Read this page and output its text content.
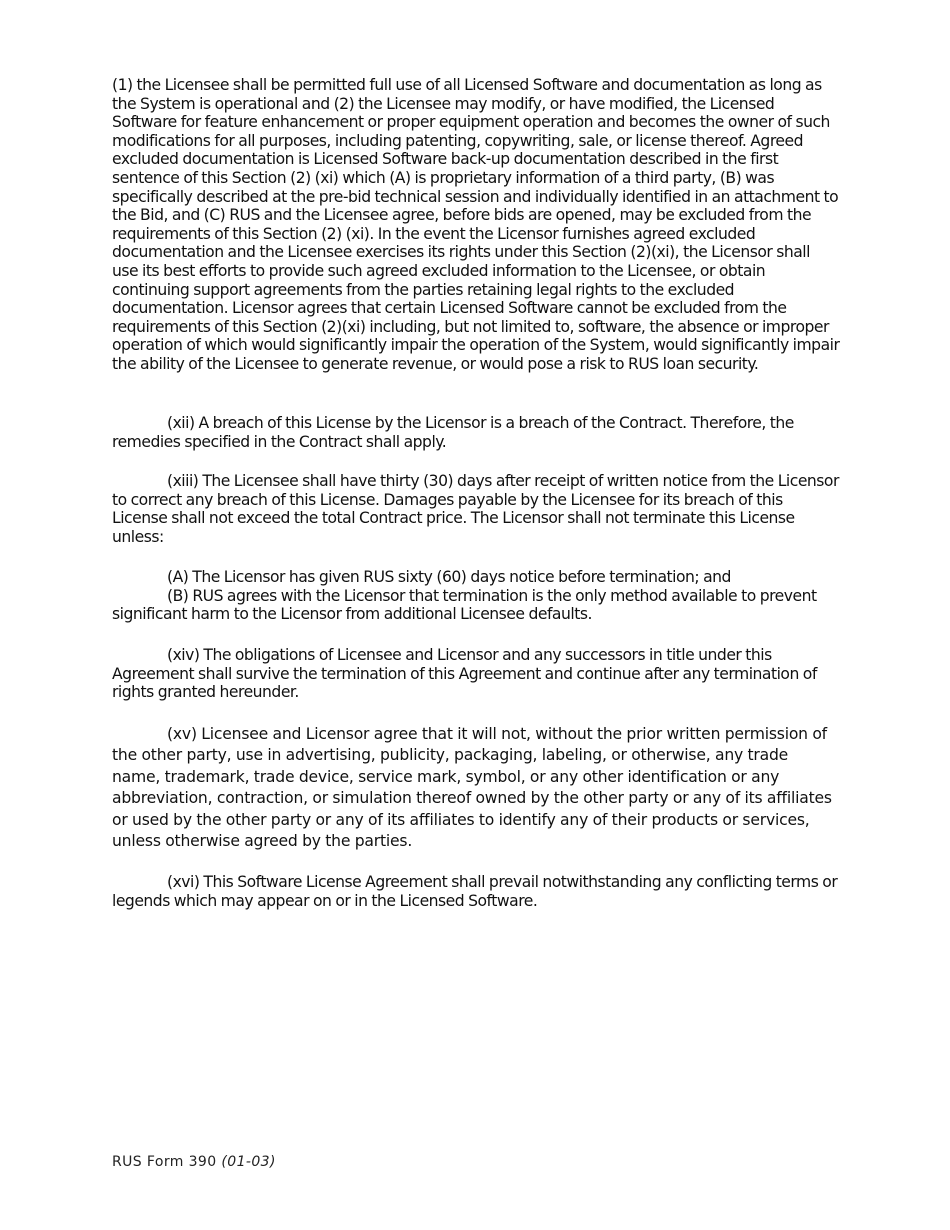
(1) the Licensee shall be permitted full use of all Licensed Software and documentation as long as the System is operational and (2) the Licensee may modify, or have modified, the Licensed Software for feature enhancement or proper equipment operation and becomes the owner of such modifications for all purposes, including patenting, copywriting, sale, or license thereof. Agreed excluded documentation is Licensed Software back-up documentation described in the first sentence of this Section (2) (xi) which (A) is proprietary information of a third party, (B) was specifically described at the pre-bid technical session and individually identified in an attachment to the Bid, and (C) RUS and the Licensee agree, before bids are opened, may be excluded from the requirements of this Section (2) (xi). In the event the Licensor furnishes agreed excluded documentation and the Licensee exercises its rights under this Section (2)(xi), the Licensor shall use its best efforts to provide such agreed excluded information to the Licensee, or obtain continuing support agreements from the parties retaining legal rights to the excluded documentation. Licensor agrees that certain Licensed Software cannot be excluded from the requirements of this Section (2)(xi) including, but not limited to, software, the absence or improper operation of which would significantly impair the operation of the System, would significantly impair the ability of the Licensee to generate revenue, or would pose a risk to RUS loan security.

(xii) A breach of this License by the Licensor is a breach of the Contract. Therefore, the remedies specified in the Contract shall apply.

(xiii) The Licensee shall have thirty (30) days after receipt of written notice from the Licensor to correct any breach of this License. Damages payable by the Licensee for its breach of this License shall not exceed the total Contract price. The Licensor shall not terminate this License unless:

(A) The Licensor has given RUS sixty (60) days notice before termination; and
(B) RUS agrees with the Licensor that termination is the only method available to prevent significant harm to the Licensor from additional Licensee defaults.

(xiv) The obligations of Licensee and Licensor and any successors in title under this Agreement shall survive the termination of this Agreement and continue after any termination of rights granted hereunder.

(xv) Licensee and Licensor agree that it will not, without the prior written permission of the other party, use in advertising, publicity, packaging, labeling, or otherwise, any trade name, trademark, trade device, service mark, symbol, or any other identification or any abbreviation, contraction, or simulation thereof owned by the other party or any of its affiliates or used by the other party or any of its affiliates to identify any of their products or services, unless otherwise agreed by the parties.

(xvi) This Software License Agreement shall prevail notwithstanding any conflicting terms or legends which may appear on or in the Licensed Software.

RUS Form 390 (01-03)
